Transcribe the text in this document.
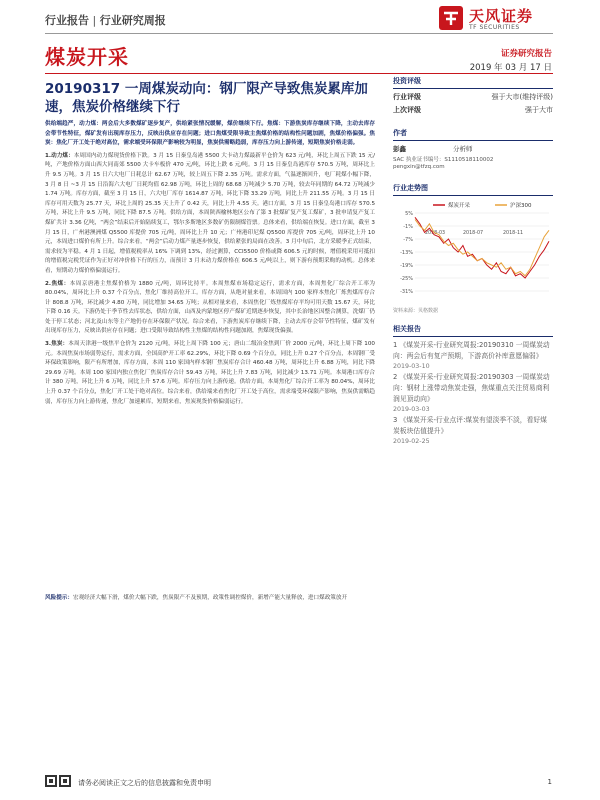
行业报告 | 行业研究周报	天风证券
TF SECURITIES
煤炭开采	证券研究报告
2019 年 03 月 17 日
20190317 一周煤炭动向：钢厂限产导致焦炭累库加速，焦炭价格继续下行

供给端趋严，动力煤：两会后大多数煤矿逐步复产，供给紧张情况缓解，煤价继续下行。焦煤：下游焦炭库存继续下降，主动去库存会带节性特征，煤矿发有出现库存压力，反映出供应存在问题；进口焦煤受限导致主焦煤价格的结构性问题加剧，焦煤价格偏强。焦炭：焦化厂开工处于绝对高位，需求端受环保限产影响较为明显，焦炭供需略趋弱，库存压力向上游传递，短期焦炭价格走弱。

1.动力煤：本周国内动力煤现货价格下跌。3 月 15 日秦皇岛港 5500 大卡动力煤最新平仓价为 623 元/吨，环比上周五下跌 15 元/吨，产地价格方面山西大同南郊 5500 大卡车板价 470 元/吨，环比上跌 6 元/吨。3 月 15 日秦皇岛港库存 570.5 万吨，周环比上升 9.5 万吨。3 月 15 日六大电厂日耗总计 62.67 万吨，较上周五下降 2.35 万吨。需求方面，气温逐渐回升，电厂耗煤小幅下降，3 月 8 日 ~3 月 15 日沿海六大电厂日耗均值 62.98 万吨，环比上周的 68.68 万吨减少 5.70 万吨，较去年同期的 64.72 万吨减少 1.74 万吨。库存方面，截至 3 月 15 日，六大电厂库存 1614.87 万吨，环比下降 33.29 万吨，同比上升 211.55 万吨。3 月 15 日库存可用天数为 25.77 天，环比上周的 25.35 天上升了 0.42 天，同比上升 4.55 天。港口方面，3 月 15 日秦皇岛港口库存 570.5 万吨，环比上升 9.5 万吨，同比下降 87.5 万吨。供给方面，本周陕西榆林地区公布了第 3 批煤矿复产复工煤矿，3 批申请复产复工煤矿共计 3.36 亿吨，“两会”结束后开始陆续复工，鄂尔多斯地区多数矿仍限制煤管票。总体来看，供给端在恢复。进口方面，截至 3 月 15 日，广州港澳洲煤 Q5500 库提价 705 元/吨，周环比上升 10 元；广州港印尼煤 Q5500 库提价 705 元/吨，周环比上升 10 元，本周进口煤价有所上升。综合来看，“两会”后动力煤产量逐步恢复，供给紧张的局面在改善。3 月中旬后，北方采暖季正式结束，需求较为平稳。4 月 1 日起，增值税税率从 16% 下调到 13%，经过测算，CCI5500 价格或降 606.5 元的时候，增值税采用可抵扣的增值税完税凭证作为正好对冲价格下行的压力，而预计 3 月末动力煤价格在 606.5 元/吨以上，则下游有预期采购的动机。总体来看，短期动力煤价格偏弱运行。

2.焦煤：本周京唐港主焦煤价格为 1880 元/吨，周环比持平。本周焦煤市场稳定运行，需求方面，本周焦化厂综合开工率为 80.04%，周环比上升 0.37 个百分点，焦化厂维持高位开工。库存方面，从绝对量来看，本周国内 100 家样本焦化厂炼焦煤库存合计 808.8 万吨，环比减少 4.80 万吨，同比增加 34.65 万吨；从相对量来看，本周焦化厂炼焦煤库存平均可用天数 15.67 天，环比下降 0.16 天。下游仍处于季节性去库状态，供给方面，山西及内蒙地区停产煤矿近期逐步恢复，其中长治地区因整合测算，洗煤厂仍处于停工状态；河北及山东等主产地仍存在环保限产状况。综合来看，下游焦炭库存继续下降，主动去库存会带节性特征，煤矿发有出现库存压力，反映出供应存在问题；进口受限导致结构性主焦煤的结构性问题加剧，焦煤现货偏强。

3.焦炭：本周天津港一级焦平仓价为 2120 元/吨，环比上周下降 100 元；唐山二级冶金焦到厂价 2000 元/吨，环比上周下降 100 元。本周焦炭市场弱势运行，需求方面，全国高炉开工率 62.29%，环比下降 0.69 个百分点，同比上升 0.27 个百分点，本周钢厂受环保政策影响，限产有所增加，库存方面，本周 110 家国内样本钢厂焦炭库存合计 460.48 万吨，周环比上升 6.88 万吨，同比下降 29.69 万吨。本周 100 家国内独立焦化厂焦炭库存合计 59.43 万吨，环比上升 7.83 万吨，同比减少 13.71 万吨。本周港口库存合计 380 万吨，环比上升 6 万吨，同比上升 57.6 万吨。库存压力向上游传递。供给方面，本周焦化厂综合开工率为 80.04%，周环比上升 0.37 个百分点，焦化厂开工处于绝对高位。综合来看，供给端来看焦化厂开工处于高位，需求端受环保限产影响，焦炭供需略趋弱，库存压力向上游传递，焦化厂加速累库，短期来看，焦炭现货价格偏弱运行。

风险提示：宏观经济大幅下滑，煤价大幅下跌，焦炭限产不及预期，政策性调控煤价，新增产能大量释放，进口煤政策放开
投资评级
行业评级	强于大市(维持评级)
上次评级	强于大市
作者
彭鑫	分析师
SAC 执业证书编号：S1110518110002
pengxin@tfzq.com
行业走势图
煤炭开采	沪深300
5%
-1%
-7%
-13%
-19%
-25%
-31%
2018-03	2018-07	2018-11
资料来源：贝格数据
相关报告
1 《煤炭开采-行业研究周报:20190310 一周煤炭动向：两会后有复产预期，下游高价补库意愿偏弱》
2019-03-10
2 《煤炭开采-行业研究周报:20190303 一周煤炭动向：钢材上涨带动焦炭走强，焦煤重点关注贸易商利润见顶动向》
2019-03-03
3 《煤炭开采-行业点评:煤炭有望淡季不淡，看好煤炭板块估值提升》
2019-02-25
请务必阅读正文之后的信息披露和免责申明	1
